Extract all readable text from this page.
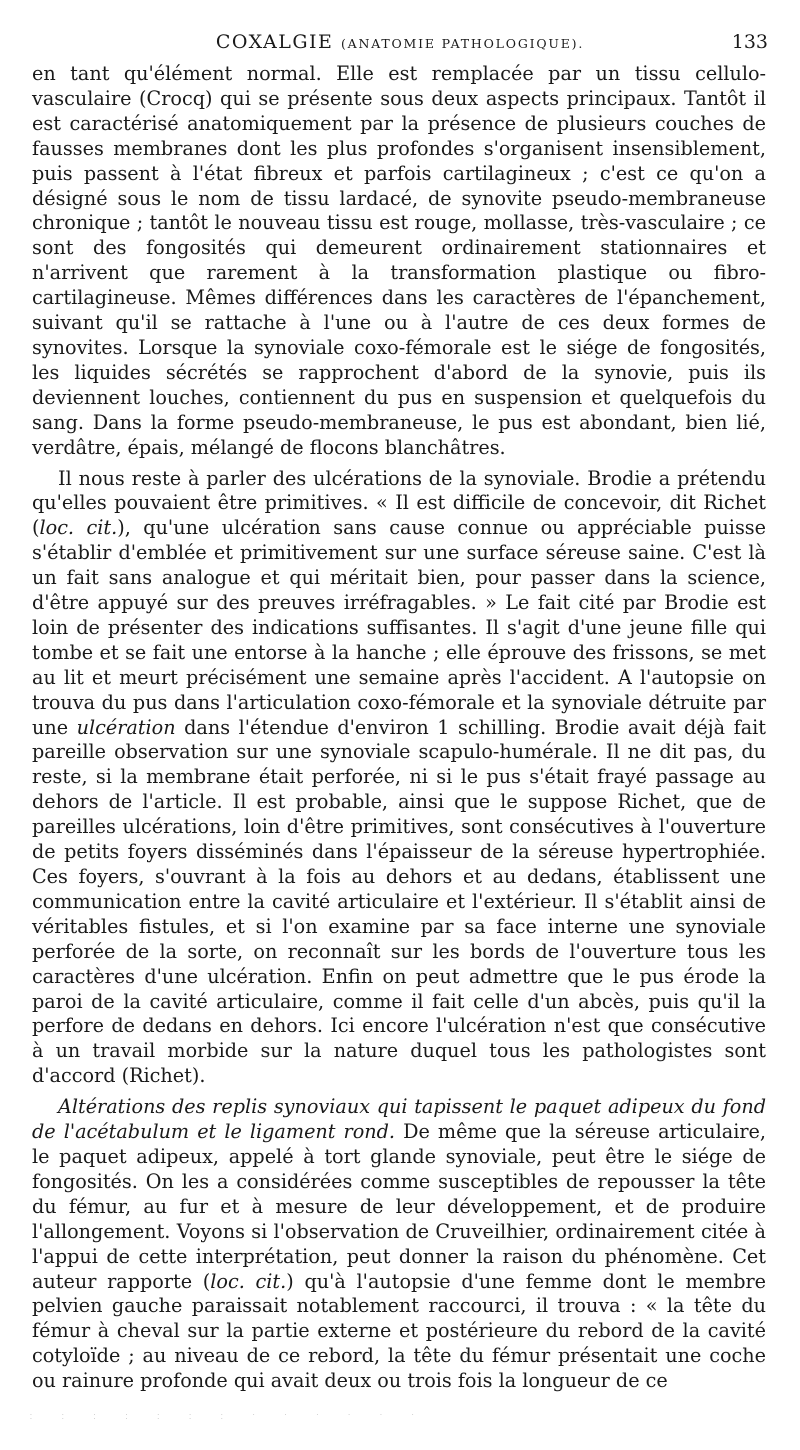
COXALGIE (ANATOMIE PATHOLOGIQUE).	133

en tant qu'élément normal. Elle est remplacée par un tissu cellulo-vasculaire (Crocq) qui se présente sous deux aspects principaux. Tantôt il est caractérisé anatomiquement par la présence de plusieurs couches de fausses membranes dont les plus profondes s'organisent insensiblement, puis passent à l'état fibreux et parfois cartilagineux ; c'est ce qu'on a désigné sous le nom de tissu lardacé, de synovite pseudo-membraneuse chronique ; tantôt le nouveau tissu est rouge, mollasse, très-vasculaire ; ce sont des fongosités qui demeurent ordinairement stationnaires et n'arrivent que rarement à la transformation plastique ou fibro-cartilagineuse. Mêmes différences dans les caractères de l'épanchement, suivant qu'il se rattache à l'une ou à l'autre de ces deux formes de synovites. Lorsque la synoviale coxo-fémorale est le siége de fongosités, les liquides sécrétés se rapprochent d'abord de la synovie, puis ils deviennent louches, contiennent du pus en suspension et quelquefois du sang. Dans la forme pseudo-membraneuse, le pus est abondant, bien lié, verdâtre, épais, mélangé de flocons blanchâtres.

Il nous reste à parler des ulcérations de la synoviale. Brodie a prétendu qu'elles pouvaient être primitives. « Il est difficile de concevoir, dit Richet (loc. cit.), qu'une ulcération sans cause connue ou appréciable puisse s'établir d'emblée et primitivement sur une surface séreuse saine. C'est là un fait sans analogue et qui méritait bien, pour passer dans la science, d'être appuyé sur des preuves irréfragables. » Le fait cité par Brodie est loin de présenter des indications suffisantes. Il s'agit d'une jeune fille qui tombe et se fait une entorse à la hanche ; elle éprouve des frissons, se met au lit et meurt précisément une semaine après l'accident. A l'autopsie on trouva du pus dans l'articulation coxo-fémorale et la synoviale détruite par une ulcération dans l'étendue d'environ 1 schilling. Brodie avait déjà fait pareille observation sur une synoviale scapulo-humérale. Il ne dit pas, du reste, si la membrane était perforée, ni si le pus s'était frayé passage au dehors de l'article. Il est probable, ainsi que le suppose Richet, que de pareilles ulcérations, loin d'être primitives, sont consécutives à l'ouverture de petits foyers disséminés dans l'épaisseur de la séreuse hypertrophiée. Ces foyers, s'ouvrant à la fois au dehors et au dedans, établissent une communication entre la cavité articulaire et l'extérieur. Il s'établit ainsi de véritables fistules, et si l'on examine par sa face interne une synoviale perforée de la sorte, on reconnaît sur les bords de l'ouverture tous les caractères d'une ulcération. Enfin on peut admettre que le pus érode la paroi de la cavité articulaire, comme il fait celle d'un abcès, puis qu'il la perfore de dedans en dehors. Ici encore l'ulcération n'est que consécutive à un travail morbide sur la nature duquel tous les pathologistes sont d'accord (Richet).

Altérations des replis synoviaux qui tapissent le paquet adipeux du fond de l'acétabulum et le ligament rond. De même que la séreuse articulaire, le paquet adipeux, appelé à tort glande synoviale, peut être le siége de fongosités. On les a considérées comme susceptibles de repousser la tête du fémur, au fur et à mesure de leur développement, et de produire l'allongement. Voyons si l'observation de Cruveilhier, ordinairement citée à l'appui de cette interprétation, peut donner la raison du phénomène. Cet auteur rapporte (loc. cit.) qu'à l'autopsie d'une femme dont le membre pelvien gauche paraissait notablement raccourci, il trouva : « la tête du fémur à cheval sur la partie externe et postérieure du rebord de la cavité cotyloïde ; au niveau de ce rebord, la tête du fémur présentait une coche ou rainure profonde qui avait deux ou trois fois la longueur de ce

. . . . . . . . . . . . . . . . . . . .
